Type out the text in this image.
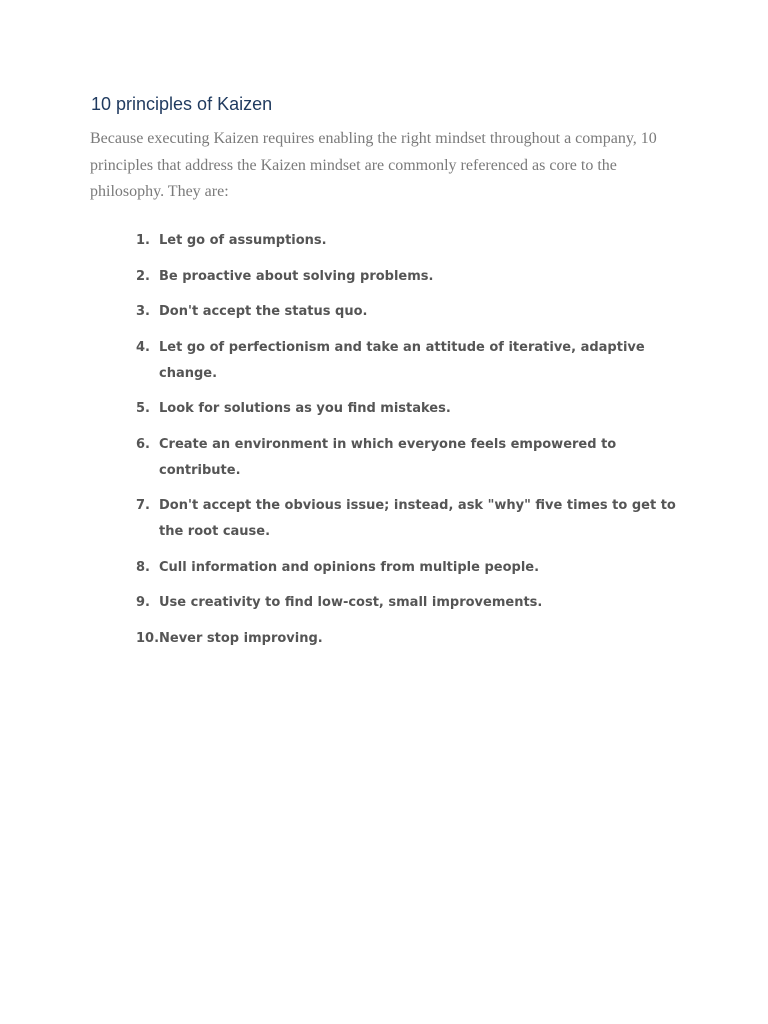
10 principles of Kaizen

Because executing Kaizen requires enabling the right mindset throughout a company, 10 principles that address the Kaizen mindset are commonly referenced as core to the philosophy. They are:

1. Let go of assumptions.
2. Be proactive about solving problems.
3. Don't accept the status quo.
4. Let go of perfectionism and take an attitude of iterative, adaptive change.
5. Look for solutions as you find mistakes.
6. Create an environment in which everyone feels empowered to contribute.
7. Don't accept the obvious issue; instead, ask "why" five times to get to the root cause.
8. Cull information and opinions from multiple people.
9. Use creativity to find low-cost, small improvements.
10. Never stop improving.
